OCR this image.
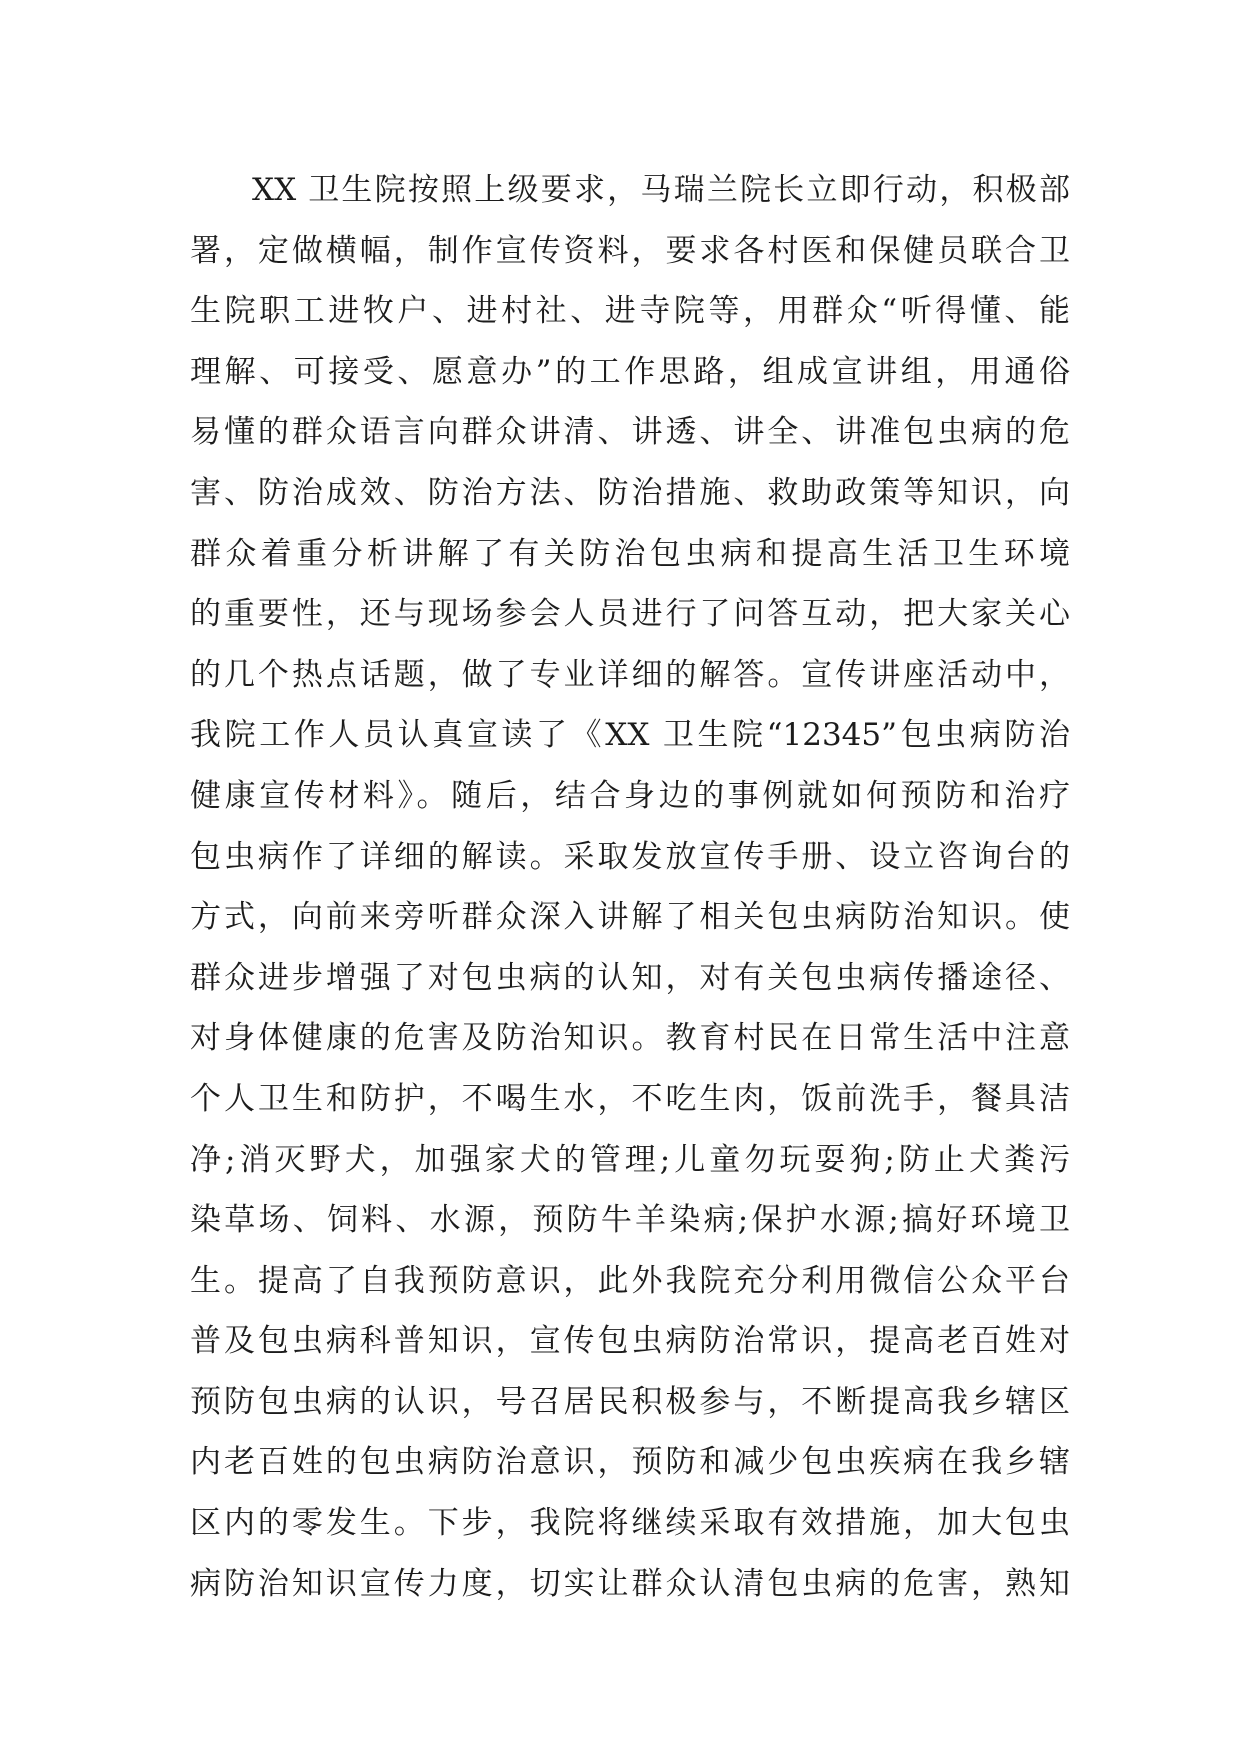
XX 卫生院按照上级要求，马瑞兰院长立即行动，积极部
署，定做横幅，制作宣传资料，要求各村医和保健员联合卫
生院职工进牧户、进村社、进寺院等，用群众“听得懂、能
理解、可接受、愿意办”的工作思路，组成宣讲组，用通俗
易懂的群众语言向群众讲清、讲透、讲全、讲准包虫病的危
害、防治成效、防治方法、防治措施、救助政策等知识，向
群众着重分析讲解了有关防治包虫病和提高生活卫生环境
的重要性，还与现场参会人员进行了问答互动，把大家关心
的几个热点话题，做了专业详细的解答。宣传讲座活动中，
我院工作人员认真宣读了《XX 卫生院“12345”包虫病防治
健康宣传材料》。随后，结合身边的事例就如何预防和治疗
包虫病作了详细的解读。采取发放宣传手册、设立咨询台的
方式，向前来旁听群众深入讲解了相关包虫病防治知识。使
群众进步增强了对包虫病的认知，对有关包虫病传播途径、
对身体健康的危害及防治知识。教育村民在日常生活中注意
个人卫生和防护，不喝生水，不吃生肉，饭前洗手，餐具洁
净;消灭野犬，加强家犬的管理;儿童勿玩耍狗;防止犬粪污
染草场、饲料、水源，预防牛羊染病;保护水源;搞好环境卫
生。提高了自我预防意识，此外我院充分利用微信公众平台
普及包虫病科普知识，宣传包虫病防治常识，提高老百姓对
预防包虫病的认识，号召居民积极参与，不断提高我乡辖区
内老百姓的包虫病防治意识，预防和减少包虫疾病在我乡辖
区内的零发生。下步，我院将继续采取有效措施，加大包虫
病防治知识宣传力度，切实让群众认清包虫病的危害，熟知
